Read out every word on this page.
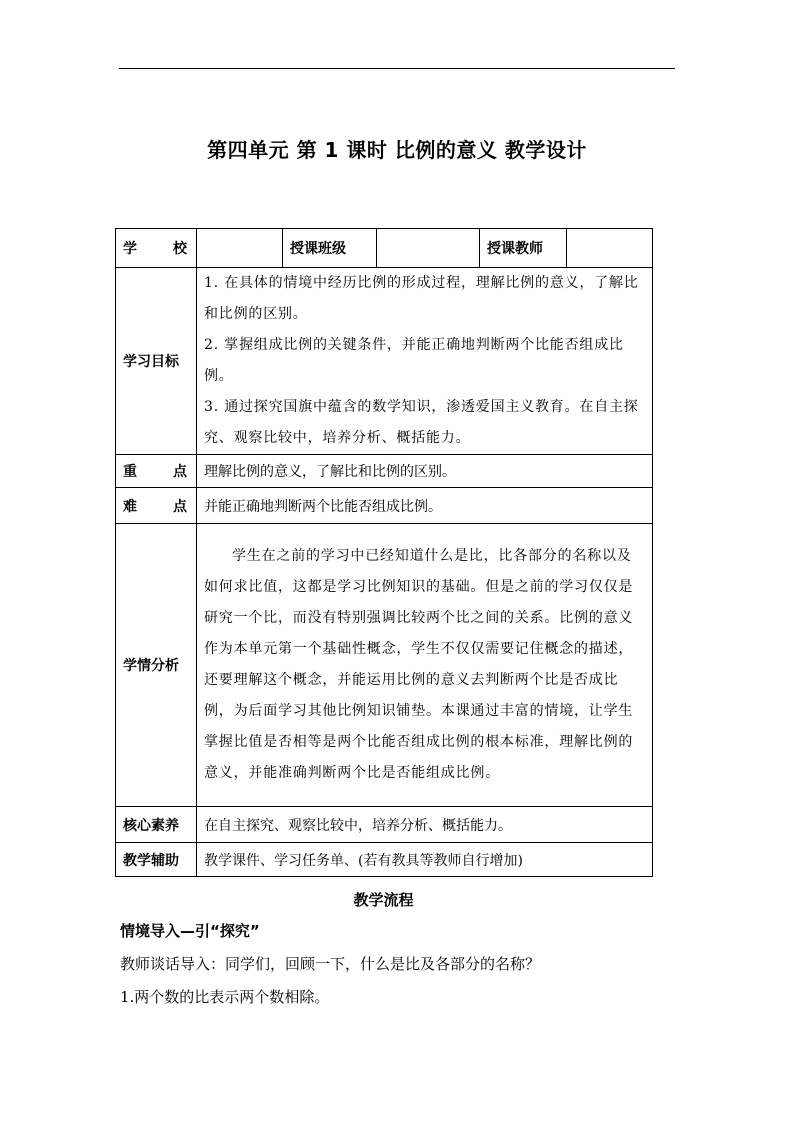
第四单元 第 1 课时 比例的意义 教学设计
学 校		授课班级		授课教师	
学习目标	1. 在具体的情境中经历比例的形成过程，理解比例的意义，了解比和比例的区别。
2. 掌握组成比例的关键条件，并能正确地判断两个比能否组成比例。
3. 通过探究国旗中蕴含的数学知识，渗透爱国主义教育。在自主探究、观察比较中，培养分析、概括能力。				

重 点	理解比例的意义，了解比和比例的区别。				

难 点	并能正确地判断两个比能否组成比例。				
学情分析	学生在之前的学习中已经知道什么是比，比各部分的名称以及如何求比值，这都是学习比例知识的基础。但是之前的学习仅仅是研究一个比，而没有特别强调比较两个比之间的关系。比例的意义作为本单元第一个基础性概念，学生不仅仅需要记住概念的描述，还要理解这个概念，并能运用比例的意义去判断两个比是否成比例，为后面学习其他比例知识铺垫。本课通过丰富的情境，让学生掌握比值是否相等是两个比能否组成比例的根本标准，理解比例的意义，并能准确判断两个比是否能组成比例。				
核心素养	在自主探究、观察比较中，培养分析、概括能力。				
教学辅助	教学课件、学习任务单、(若有教具等教师自行增加)				
教学流程
情境导入—引“探究”
教师谈话导入：同学们，回顾一下，什么是比及各部分的名称？
1.两个数的比表示两个数相除。
